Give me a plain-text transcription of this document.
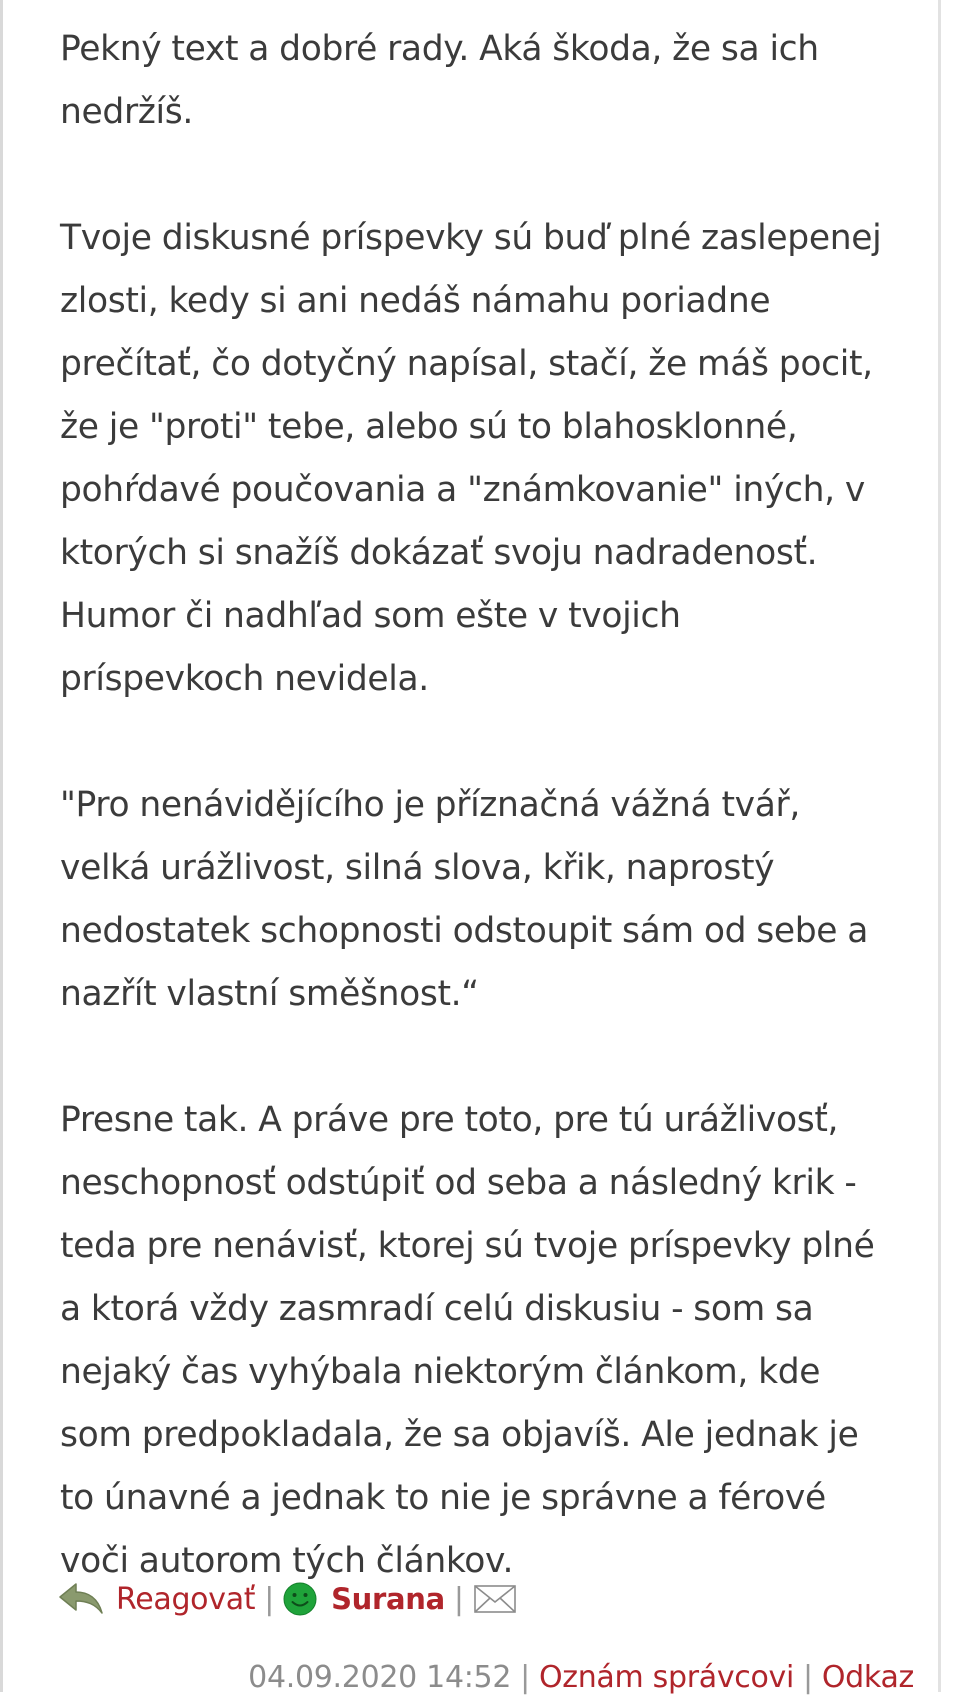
Pekný text a dobré rady. Aká škoda, že sa ich
nedržíš.

Tvoje diskusné príspevky sú buď plné zaslepenej
zlosti, kedy si ani nedáš námahu poriadne
prečítať, čo dotyčný napísal, stačí, že máš pocit,
že je "proti" tebe, alebo sú to blahosklonné,
pohŕdavé poučovania a "známkovanie" iných, v
ktorých si snažíš dokázať svoju nadradenosť.
Humor či nadhľad som ešte v tvojich
príspevkoch nevidela.

"Pro nenávidějícího je příznačná vážná tvář,
velká urážlivost, silná slova, křik, naprostý
nedostatek schopnosti odstoupit sám od sebe a
nazřít vlastní směšnost.“

Presne tak. A práve pre toto, pre tú urážlivosť,
neschopnosť odstúpiť od seba a následný krik -
teda pre nenávisť, ktorej sú tvoje príspevky plné
a ktorá vždy zasmradí celú diskusiu - som sa
nejaký čas vyhýbala niektorým článkom, kde
som predpokladala, že sa objavíš. Ale jednak je
to únavné a jednak to nie je správne a férové
voči autorom tých článkov.

Reagovať | Surana |
04.09.2020 14:52 | Oznám správcovi | Odkaz
